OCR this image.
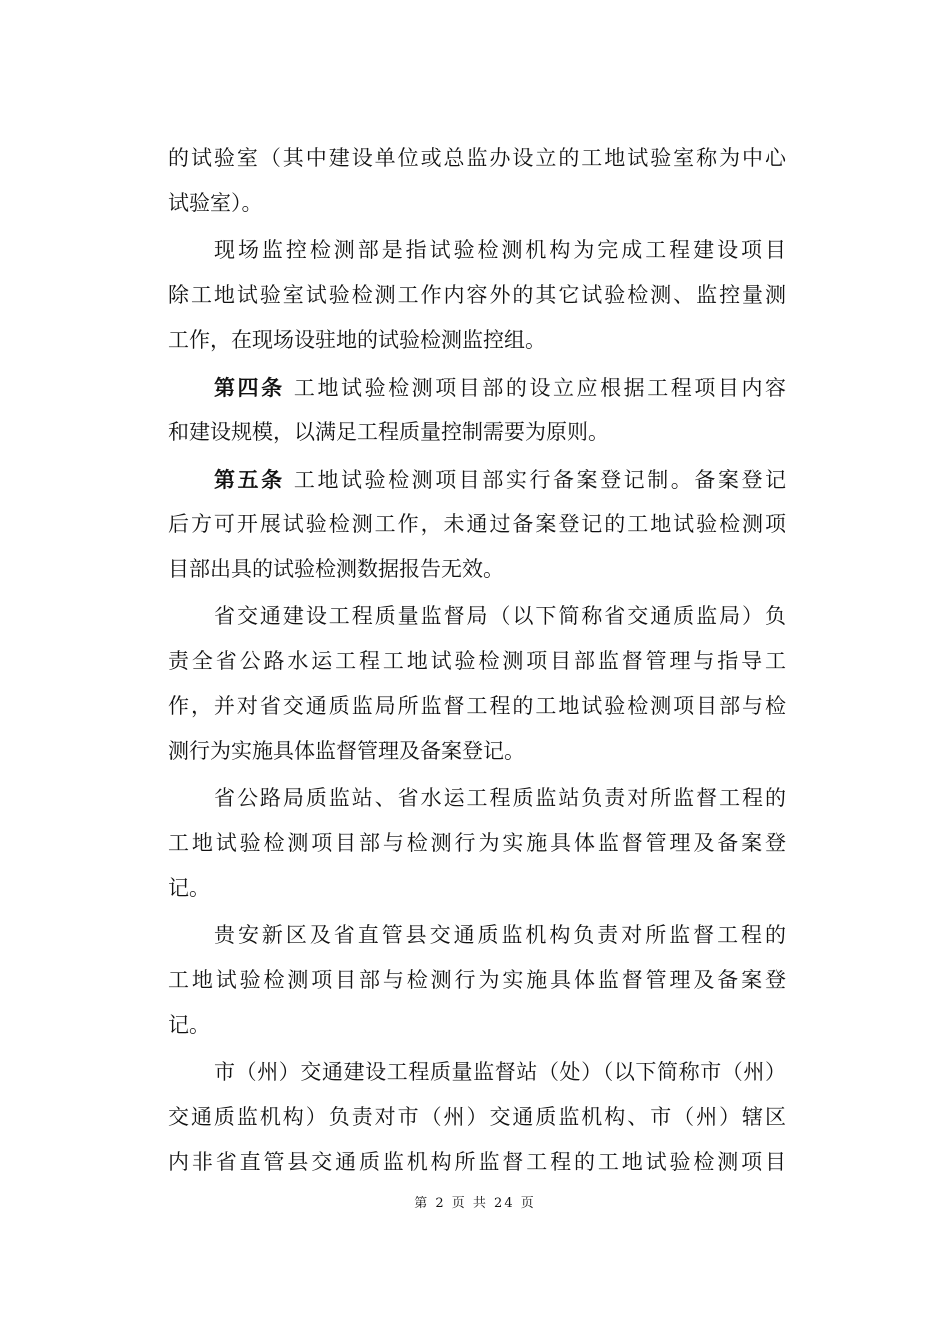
的试验室（其中建设单位或总监办设立的工地试验室称为中心
试验室）。
现场监控检测部是指试验检测机构为完成工程建设项目
除工地试验室试验检测工作内容外的其它试验检测、监控量测
工作，在现场设驻地的试验检测监控组。
第四条 工地试验检测项目部的设立应根据工程项目内容
和建设规模，以满足工程质量控制需要为原则。
第五条 工地试验检测项目部实行备案登记制。备案登记
后方可开展试验检测工作，未通过备案登记的工地试验检测项
目部出具的试验检测数据报告无效。
省交通建设工程质量监督局（以下简称省交通质监局）负
责全省公路水运工程工地试验检测项目部监督管理与指导工
作，并对省交通质监局所监督工程的工地试验检测项目部与检
测行为实施具体监督管理及备案登记。
省公路局质监站、省水运工程质监站负责对所监督工程的
工地试验检测项目部与检测行为实施具体监督管理及备案登
记。
贵安新区及省直管县交通质监机构负责对所监督工程的
工地试验检测项目部与检测行为实施具体监督管理及备案登
记。
市（州）交通建设工程质量监督站（处）（以下简称市（州）
交通质监机构）负责对市（州）交通质监机构、市（州）辖区
内非省直管县交通质监机构所监督工程的工地试验检测项目
第 2 页 共 24 页
